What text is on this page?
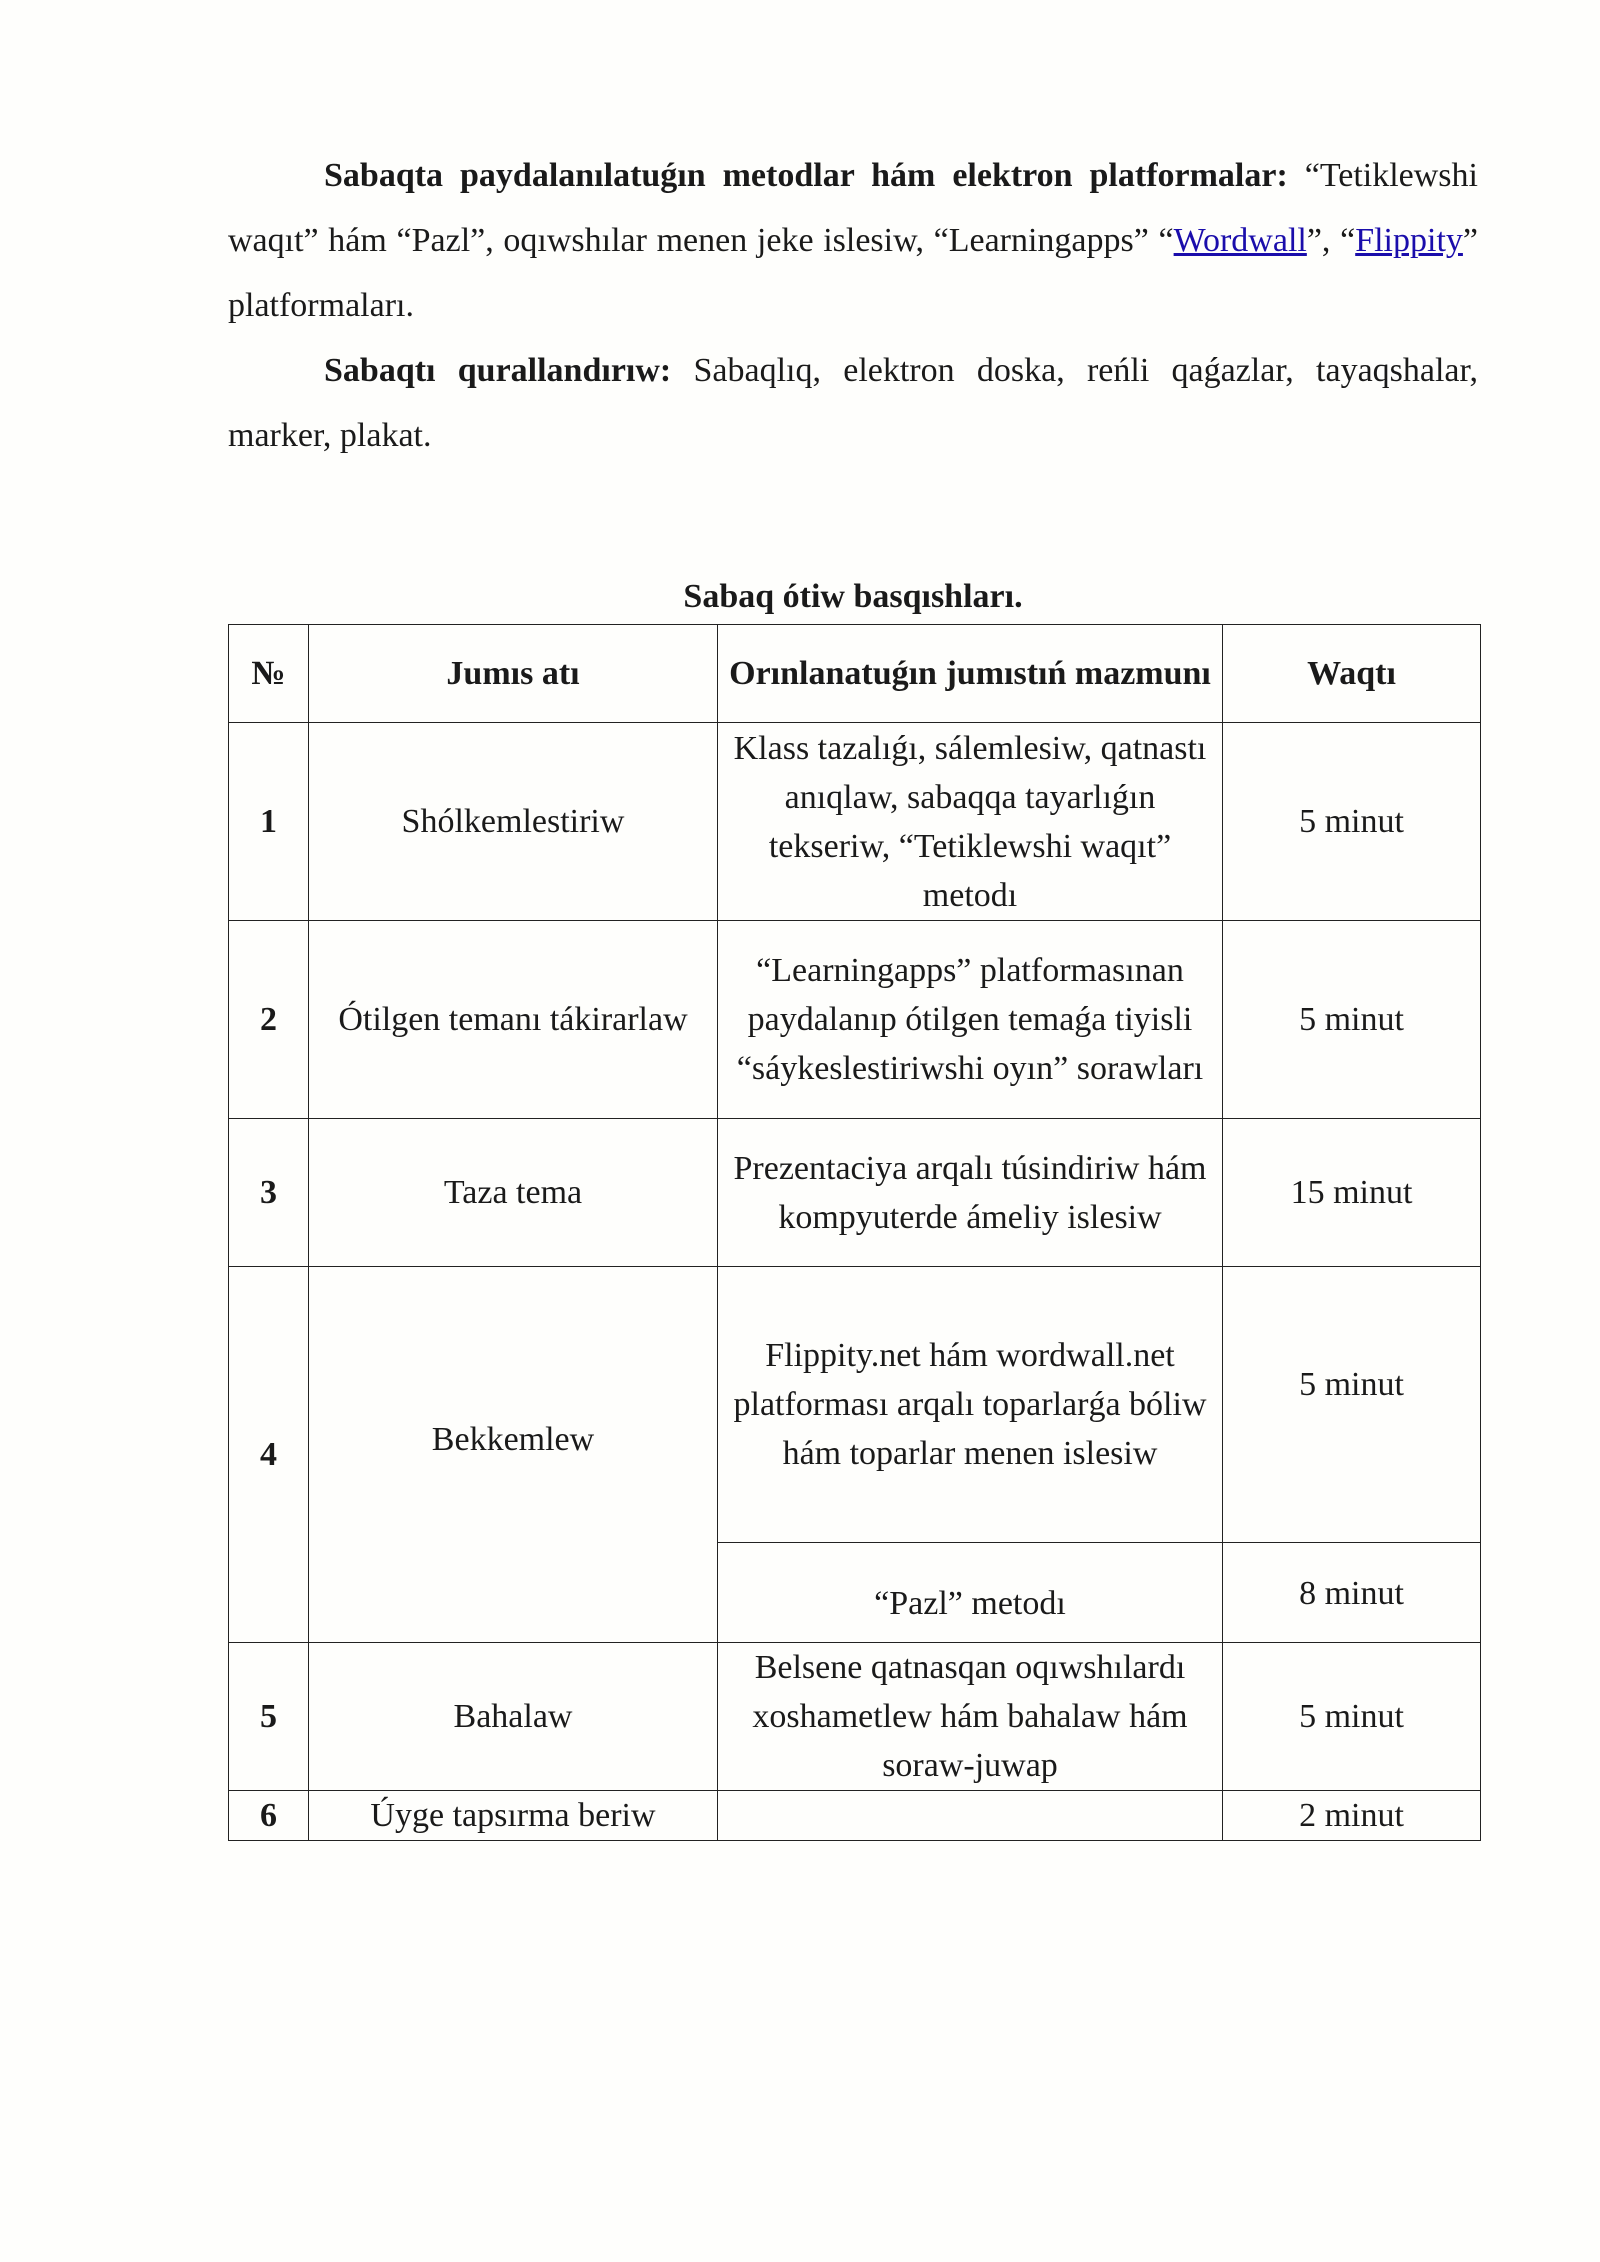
Sabaqta paydalanılatuǵın metodlar hám elektron platformalar: “Tetiklewshi waqıt” hám “Pazl”, oqıwshılar menen jeke islesiw, “Learningapps” “Wordwall”, “Flippity” platformaları.

Sabaqtı qurallandırıw: Sabaqlıq, elektron doska, reńli qaǵazlar, tayaqshalar, marker, plakat.

Sabaq ótiw basqıshları.
№	Jumıs atı	Orınlanatuǵın jumıstıń mazmunı	Waqtı
1	Shólkemlestiriw	Klass tazalıǵı, sálemlesiw, qatnastı anıqlaw, sabaqqa tayarlıǵın tekseriw, “Tetiklewshi waqıt” metodı	5 minut
2	Ótilgen temanı tákirarlaw	“Learningapps” platformasınan paydalanıp ótilgen temaǵa tiyisli “sáykeslestiriwshi oyın” sorawları	5 minut
3	Taza tema	Prezentaciya arqalı túsindiriw hám kompyuterde ámeliy islesiw	15 minut
4	Bekkemlew	Flippity.net hám wordwall.net platforması arqalı toparlarǵa bóliw hám toparlar menen islesiw	5 minut
		“Pazl” metodı	8 minut
5	Bahalaw	Belsene qatnasqan oqıwshılardı xoshametlew hám bahalaw hám soraw-juwap	5 minut
6	Úyge tapsırma beriw		2 minut
